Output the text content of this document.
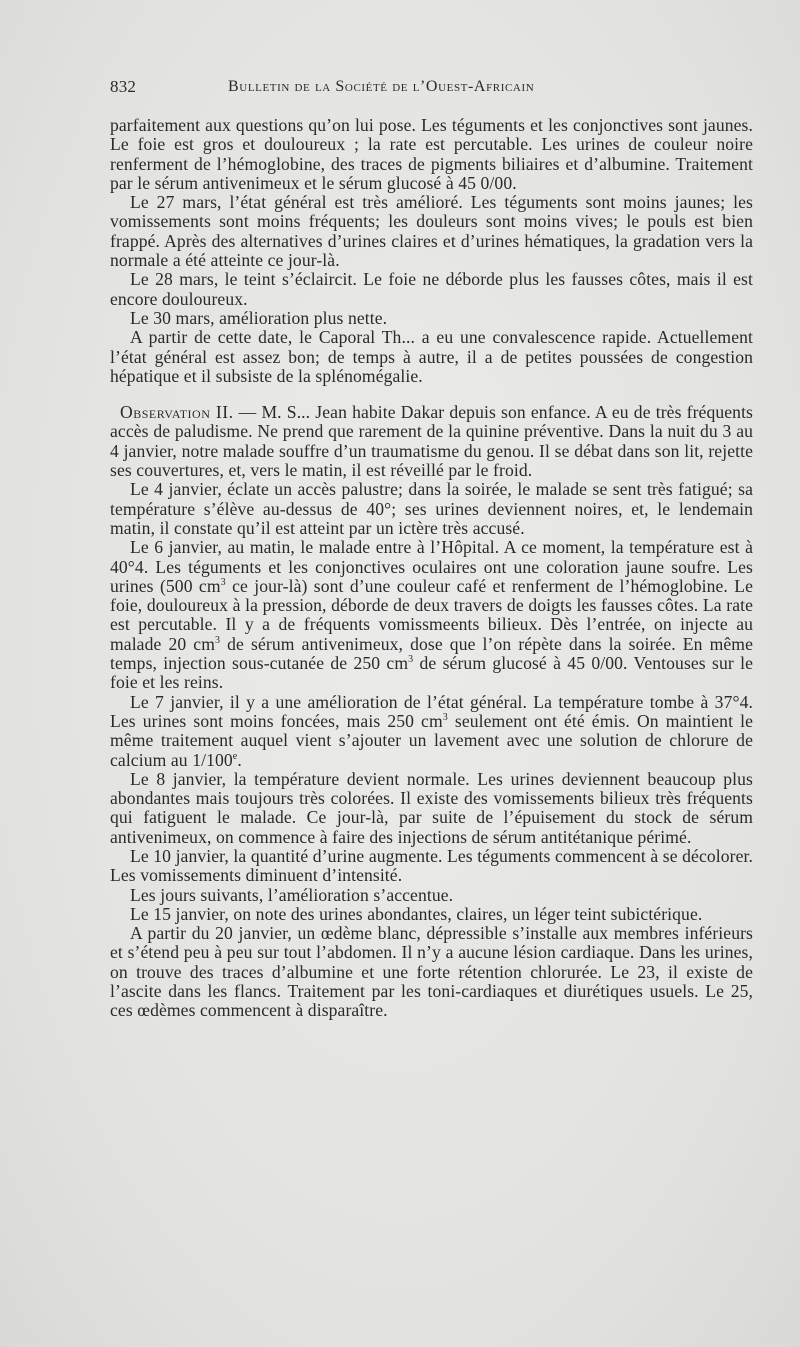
832	Bulletin de la Société de l’Ouest-Africain

parfaitement aux questions qu’on lui pose. Les téguments et les conjonctives sont jaunes. Le foie est gros et douloureux ; la rate est percutable. Les urines de couleur noire renferment de l’hémoglobine, des traces de pigments biliaires et d’albumine. Traitement par le sérum antivenimeux et le sérum glucosé à 45 0/00.

Le 27 mars, l’état général est très amélioré. Les téguments sont moins jaunes; les vomissements sont moins fréquents; les douleurs sont moins vives; le pouls est bien frappé. Après des alternatives d’urines claires et d’urines hématiques, la gradation vers la normale a été atteinte ce jour-là.

Le 28 mars, le teint s’éclaircit. Le foie ne déborde plus les fausses côtes, mais il est encore douloureux.

Le 30 mars, amélioration plus nette.

A partir de cette date, le Caporal Th... a eu une convalescence rapide. Actuellement l’état général est assez bon; de temps à autre, il a de petites poussées de congestion hépatique et il subsiste de la splénomégalie.

Observation II. — M. S... Jean habite Dakar depuis son enfance. A eu de très fréquents accès de paludisme. Ne prend que rarement de la quinine préventive. Dans la nuit du 3 au 4 janvier, notre malade souffre d’un traumatisme du genou. Il se débat dans son lit, rejette ses couvertures, et, vers le matin, il est réveillé par le froid.

Le 4 janvier, éclate un accès palustre; dans la soirée, le malade se sent très fatigué; sa température s’élève au-dessus de 40°; ses urines deviennent noires, et, le lendemain matin, il constate qu’il est atteint par un ictère très accusé.

Le 6 janvier, au matin, le malade entre à l’Hôpital. A ce moment, la température est à 40°4. Les téguments et les conjonctives oculaires ont une coloration jaune soufre. Les urines (500 $cm^3$ ce jour-là) sont d’une couleur café et renferment de l’hémoglobine. Le foie, douloureux à la pression, déborde de deux travers de doigts les fausses côtes. La rate est percutable. Il y a de fréquents vomissmeents bilieux. Dès l’entrée, on injecte au malade 20 $cm^3$ de sérum antivenimeux, dose que l’on répète dans la soirée. En même temps, injection sous-cutanée de 250 $cm^3$ de sérum glucosé à 45 0/00. Ventouses sur le foie et les reins.

Le 7 janvier, il y a une amélioration de l’état général. La température tombe à 37°4. Les urines sont moins foncées, mais 250 $cm^3$ seulement ont été émis. On maintient le même traitement auquel vient s’ajouter un lavement avec une solution de chlorure de calcium au 1/100e.

Le 8 janvier, la température devient normale. Les urines deviennent beaucoup plus abondantes mais toujours très colorées. Il existe des vomissements bilieux très fréquents qui fatiguent le malade. Ce jour-là, par suite de l’épuisement du stock de sérum antivenimeux, on commence à faire des injections de sérum antitétanique périmé.

Le 10 janvier, la quantité d’urine augmente. Les téguments commencent à se décolorer. Les vomissements diminuent d’intensité.

Les jours suivants, l’amélioration s’accentue.

Le 15 janvier, on note des urines abondantes, claires, un léger teint subictérique.

A partir du 20 janvier, un œdème blanc, dépressible s’installe aux membres inférieurs et s’étend peu à peu sur tout l’abdomen. Il n’y a aucune lésion cardiaque. Dans les urines, on trouve des traces d’albumine et une forte rétention chlorurée. Le 23, il existe de l’ascite dans les flancs. Traitement par les toni-cardiaques et diurétiques usuels. Le 25, ces œdèmes commencent à disparaître.
